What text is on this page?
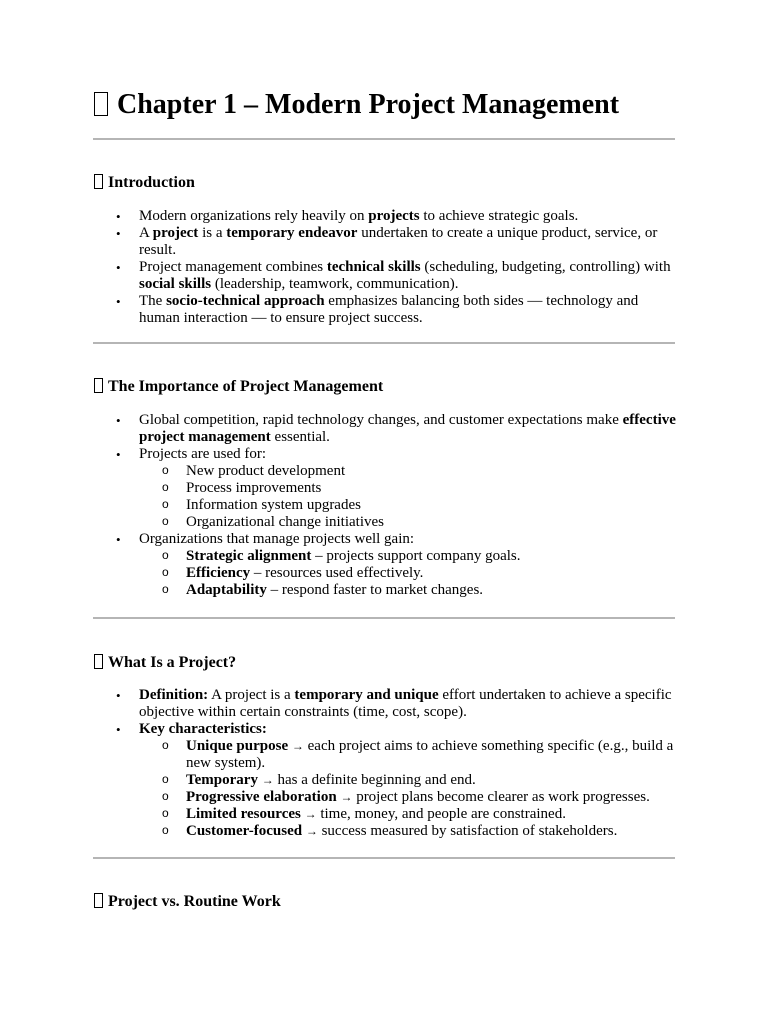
Chapter 1 – Modern Project Management
Introduction
• Modern organizations rely heavily on projects to achieve strategic goals.
• A project is a temporary endeavor undertaken to create a unique product, service, or result.
• Project management combines technical skills (scheduling, budgeting, controlling) with social skills (leadership, teamwork, communication).
• The socio-technical approach emphasizes balancing both sides — technology and human interaction — to ensure project success.
The Importance of Project Management
• Global competition, rapid technology changes, and customer expectations make effective project management essential.
• Projects are used for:
o New product development
o Process improvements
o Information system upgrades
o Organizational change initiatives
• Organizations that manage projects well gain:
o Strategic alignment – projects support company goals.
o Efficiency – resources used effectively.
o Adaptability – respond faster to market changes.
What Is a Project?
• Definition: A project is a temporary and unique effort undertaken to achieve a specific objective within certain constraints (time, cost, scope).
• Key characteristics:
o Unique purpose → each project aims to achieve something specific (e.g., build a new system).
o Temporary → has a definite beginning and end.
o Progressive elaboration → project plans become clearer as work progresses.
o Limited resources → time, money, and people are constrained.
o Customer-focused → success measured by satisfaction of stakeholders.
Project vs. Routine Work
